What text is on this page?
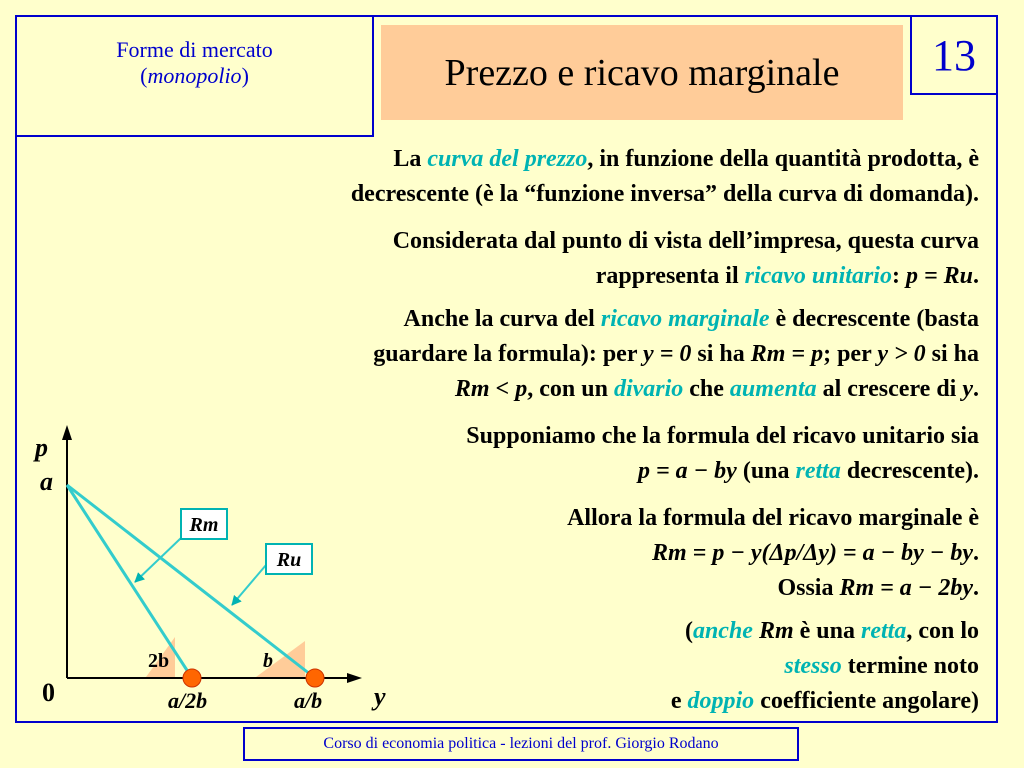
Forme di mercato
(monopolio)	Prezzo e ricavo marginale	13
La curva del prezzo, in funzione della quantità prodotta, è
decrescente (è la “funzione inversa” della curva di domanda).
Considerata dal punto di vista dell’impresa, questa curva
rappresenta il ricavo unitario: p = Ru.
Anche la curva del ricavo marginale è decrescente (basta
guardare la formula): per y = 0 si ha Rm = p; per y > 0 si ha
Rm < p, con un divario che aumenta al crescere di y.
Supponiamo che la formula del ricavo unitario sia
p = a − by (una retta decrescente).
Allora la formula del ricavo marginale è
Rm = p − y(Δp/Δy) = a − by − by.
Ossia Rm = a − 2by.
(anche Rm è una retta, con lo
stesso termine noto
e doppio coefficiente angolare)
p
a
0	y
Rm
Ru
2b	b
a/2b	a/b
Corso di economia politica - lezioni del prof. Giorgio Rodano
